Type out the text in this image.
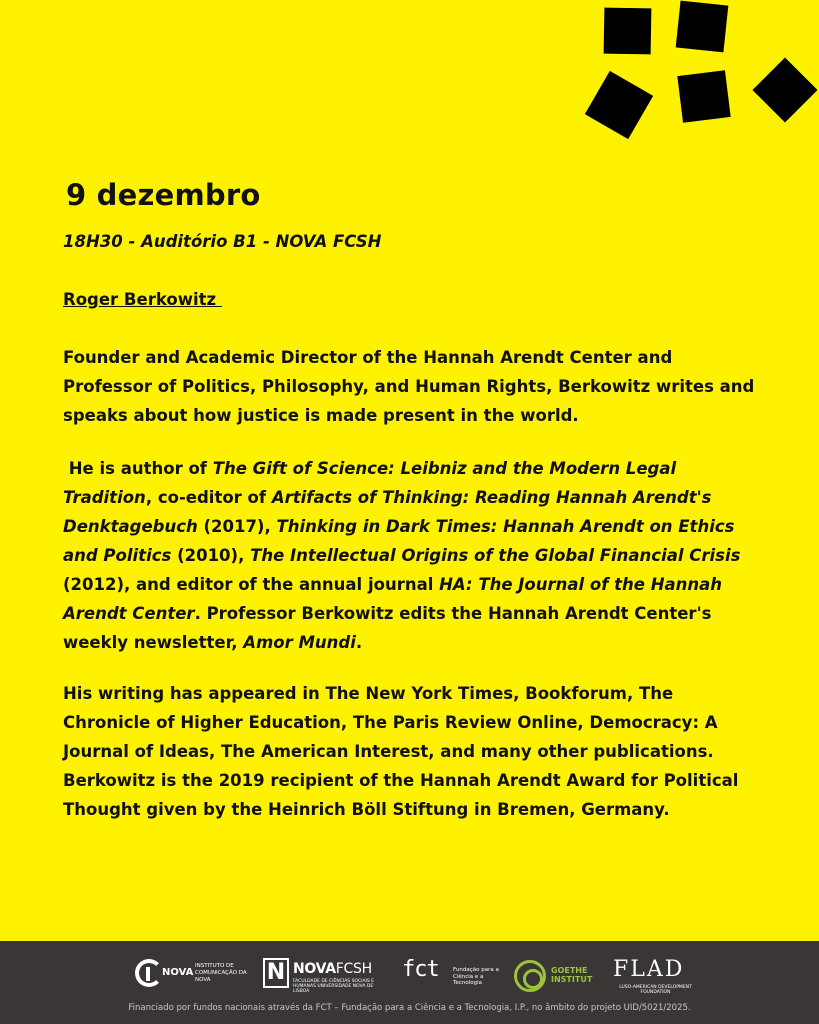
9 dezembro
18H30 - Auditório B1 - NOVA FCSH
Roger Berkowitz
Founder and Academic Director of the Hannah Arendt Center and Professor of Politics, Philosophy, and Human Rights, Berkowitz writes and speaks about how justice is made present in the world.
He is author of The Gift of Science: Leibniz and the Modern Legal Tradition, co-editor of Artifacts of Thinking: Reading Hannah Arendt's Denktagebuch (2017), Thinking in Dark Times: Hannah Arendt on Ethics and Politics (2010), The Intellectual Origins of the Global Financial Crisis (2012), and editor of the annual journal HA: The Journal of the Hannah Arendt Center. Professor Berkowitz edits the Hannah Arendt Center's weekly newsletter, Amor Mundi.
His writing has appeared in The New York Times, Bookforum, The Chronicle of Higher Education, The Paris Review Online, Democracy: A Journal of Ideas, The American Interest, and many other publications. Berkowitz is the 2019 recipient of the Hannah Arendt Award for Political Thought given by the Heinrich Böll Stiftung in Bremen, Germany.
NOVA
INSTITUTO DE COMUNICAÇÃO DA NOVA	N NOVAFCSH
FACULDADE DE CIÊNCIAS SOCIAIS E HUMANAS UNIVERSIDADE NOVA DE LISBOA
fct	Fundação para a Ciência e a Tecnologia
GOETHE INSTITUT FLAD
LUSO-AMERICAN DEVELOPMENT FOUNDATION
Financiado por fundos nacionais através da FCT – Fundação para a Ciência e a Tecnologia, I.P., no âmbito do projeto UID/5021/2025.
